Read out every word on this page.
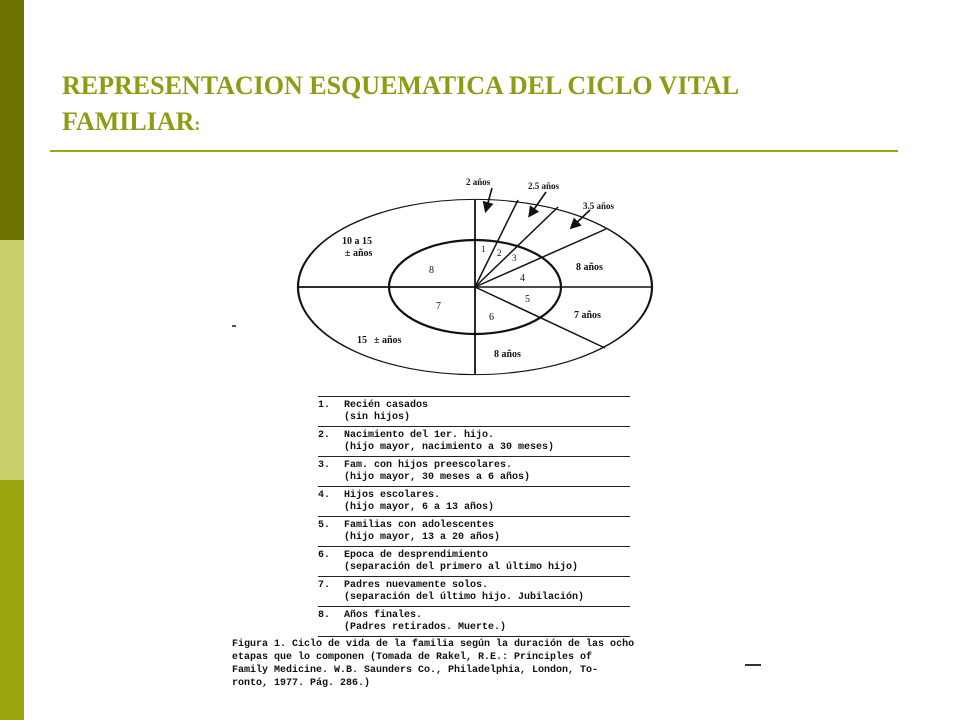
REPRESENTACION ESQUEMATICA DEL CICLO VITAL
FAMILIAR:
2 años	2.5 años
3.5 años
8 años
7 años
8 años
15 ± años
10 a 15
± años	1 2 3
4
5
6
7
8
1.	Recién casados
(sin hijos)
2.	Nacimiento del 1er. hijo.
(hijo mayor, nacimiento a 30 meses)
3.	Fam. con hijos preescolares.
(hijo mayor, 30 meses a 6 años)
4.	Hijos escolares.
(hijo mayor, 6 a 13 años)
5.	Familias con adolescentes
(hijo mayor, 13 a 20 años)
6.	Epoca de desprendimiento
(separación del primero al último hijo)
7.	Padres nuevamente solos.
(separación del último hijo. Jubilación)
8.	Años finales.
(Padres retirados. Muerte.)
Figura 1. Ciclo de vida de la familia según la duración de las ocho
etapas que lo componen (Tomada de Rakel, R.E.: Principles of
Family Medicine. W.B. Saunders Co., Philadelphia, London, To-
ronto, 1977. Pág. 286.)
